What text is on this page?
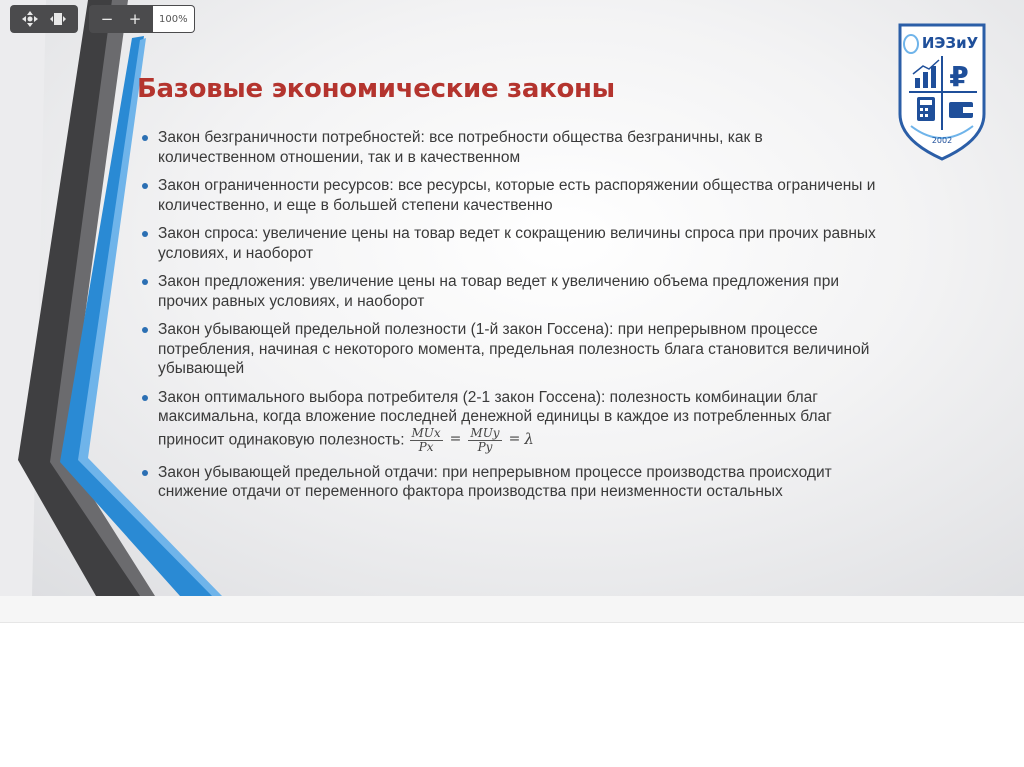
Базовые экономические законы
Закон безграничности потребностей: все потребности общества безграничны, как в количественном отношении, так и в качественном
Закон ограниченности ресурсов: все ресурсы, которые есть распоряжении общества ограничены и количественно, и еще в большей степени качественно
Закон спроса: увеличение цены на товар ведет к сокращению величины спроса при прочих равных условиях, и наоборот
Закон предложения: увеличение цены на товар ведет к увеличению объема предложения при прочих равных условиях, и наоборот
Закон убывающей предельной полезности (1-й закон Госсена): при непрерывном процессе потребления, начиная с некоторого момента, предельная полезность блага становится величиной убывающей
Закон оптимального выбора потребителя (2-1 закон Госсена): полезность комбинации благ максимальна, когда вложение последней денежной единицы в каждое из потребленных благ приносит одинаковую полезность: $\frac{\text{MUx}}{Px} = \frac{\text{MUy}}{Py} = \lambda$
Закон убывающей предельной отдачи: при непрерывном процессе производства происходит снижение отдачи от переменного фактора производства при неизменности остальных
ИЭЗиУ
₽
2002
−	+	100%
